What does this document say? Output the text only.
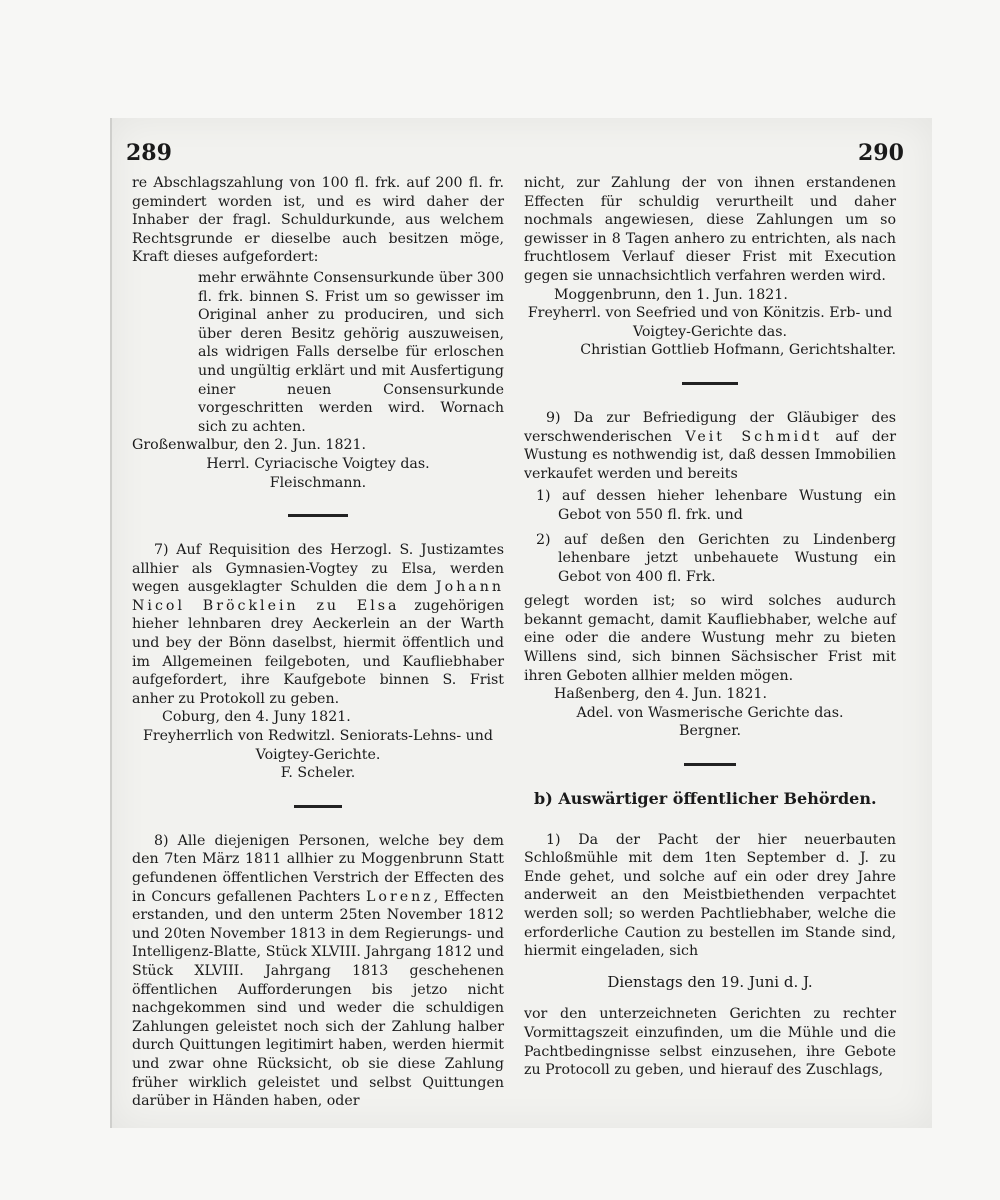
289	290

re Abschlagszahlung von 100 fl. frk. auf 200 fl. fr. gemindert worden ist, und es wird daher der Inhaber der fragl. Schuldurkunde, aus welchem Rechtsgrunde er dieselbe auch besitzen möge, Kraft dieses aufgefordert:

mehr erwähnte Consensurkunde über 300 fl. frk. binnen S. Frist um so gewisser im Original anher zu produciren, und sich über deren Besitz gehörig auszuweisen, als widrigen Falls derselbe für erloschen und ungültig erklärt und mit Ausfertigung einer neuen Consensurkunde vorgeschritten werden wird. Wornach sich zu achten.

Großenwalbur, den 2. Jun. 1821.

Herrl. Cyriacische Voigtey das.

Fleischmann.

7) Auf Requisition des Herzogl. S. Justizamtes allhier als Gymnasien-Vogtey zu Elsa, werden wegen ausgeklagter Schulden die dem Johann Nicol Bröcklein zu Elsa zugehörigen hieher lehnbaren drey Aeckerlein an der Warth und bey der Bönn daselbst, hiermit öffentlich und im Allgemeinen feilgeboten, und Kaufliebhaber aufgefordert, ihre Kaufgebote binnen S. Frist anher zu Protokoll zu geben.

Coburg, den 4. Juny 1821.

Freyherrlich von Redwitzl. Seniorats-Lehns- und Voigtey-Gerichte.

F. Scheler.

8) Alle diejenigen Personen, welche bey dem den 7ten März 1811 allhier zu Moggenbrunn Statt gefundenen öffentlichen Verstrich der Effecten des in Concurs gefallenen Pachters Lorenz, Effecten erstanden, und den unterm 25ten November 1812 und 20ten November 1813 in dem Regierungs- und Intelligenz-Blatte, Stück XLVIII. Jahrgang 1812 und Stück XLVIII. Jahrgang 1813 geschehenen öffentlichen Aufforderungen bis jetzo nicht nachgekommen sind und weder die schuldigen Zahlungen geleistet noch sich der Zahlung halber durch Quittungen legitimirt haben, werden hiermit und zwar ohne Rücksicht, ob sie diese Zahlung früher wirklich geleistet und selbst Quittungen darüber in Händen haben, oder

nicht, zur Zahlung der von ihnen erstandenen Effecten für schuldig verurtheilt und daher nochmals angewiesen, diese Zahlungen um so gewisser in 8 Tagen anhero zu entrichten, als nach fruchtlosem Verlauf dieser Frist mit Execution gegen sie unnachsichtlich verfahren werden wird.

Moggenbrunn, den 1. Jun. 1821.

Freyherrl. von Seefried und von Könitzis. Erb- und Voigtey-Gerichte das.

Christian Gottlieb Hofmann, Gerichtshalter.

9) Da zur Befriedigung der Gläubiger des verschwenderischen Veit Schmidt auf der Wustung es nothwendig ist, daß dessen Immobilien verkaufet werden und bereits

1) auf dessen hieher lehenbare Wustung ein Gebot von 550 fl. frk. und

2) auf deßen den Gerichten zu Lindenberg lehenbare jetzt unbehauete Wustung ein Gebot von 400 fl. Frk.

gelegt worden ist; so wird solches audurch bekannt gemacht, damit Kaufliebhaber, welche auf eine oder die andere Wustung mehr zu bieten Willens sind, sich binnen Sächsischer Frist mit ihren Geboten allhier melden mögen.

Haßenberg, den 4. Jun. 1821.

Adel. von Wasmerische Gerichte das.

Bergner.

b) Auswärtiger öffentlicher Behörden.

1) Da der Pacht der hier neuerbauten Schloßmühle mit dem 1ten September d. J. zu Ende gehet, und solche auf ein oder drey Jahre anderweit an den Meistbiethenden verpachtet werden soll; so werden Pachtliebhaber, welche die erforderliche Caution zu bestellen im Stande sind, hiermit eingeladen, sich

Dienstags den 19. Juni d. J.

vor den unterzeichneten Gerichten zu rechter Vormittagszeit einzufinden, um die Mühle und die Pachtbedingnisse selbst einzusehen, ihre Gebote zu Protocoll zu geben, und hierauf des Zuschlags,
